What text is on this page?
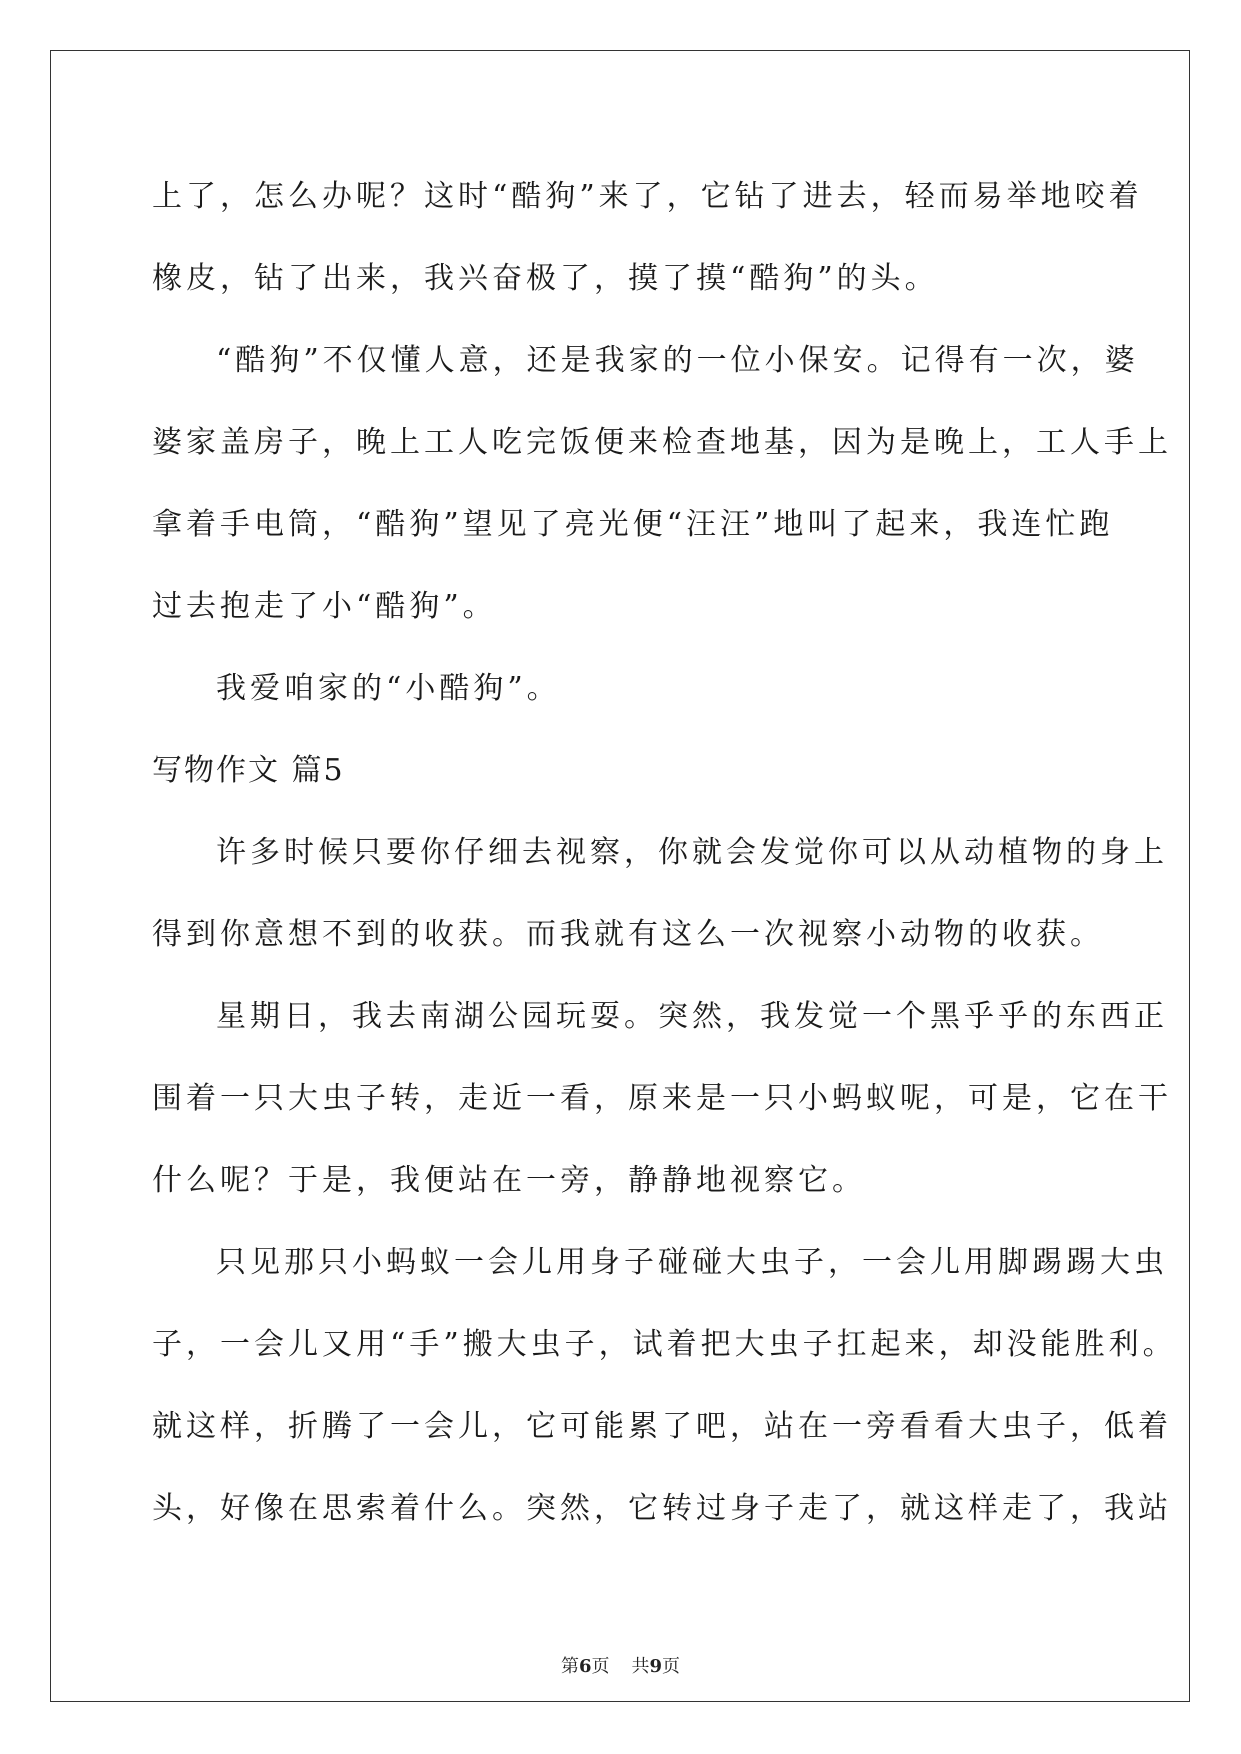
上了，怎么办呢？这时“酷狗”来了，它钻了进去，轻而易举地咬着
橡皮，钻了出来，我兴奋极了，摸了摸“酷狗”的头。
“酷狗”不仅懂人意，还是我家的一位小保安。记得有一次，婆
婆家盖房子，晚上工人吃完饭便来检查地基，因为是晚上，工人手上
拿着手电筒，“酷狗”望见了亮光便“汪汪”地叫了起来，我连忙跑
过去抱走了小“酷狗”。
我爱咱家的“小酷狗”。
写物作文 篇5
许多时候只要你仔细去视察，你就会发觉你可以从动植物的身上
得到你意想不到的收获。而我就有这么一次视察小动物的收获。
星期日，我去南湖公园玩耍。突然，我发觉一个黑乎乎的东西正
围着一只大虫子转，走近一看，原来是一只小蚂蚁呢，可是，它在干
什么呢？于是，我便站在一旁，静静地视察它。
只见那只小蚂蚁一会儿用身子碰碰大虫子，一会儿用脚踢踢大虫
子，一会儿又用“手”搬大虫子，试着把大虫子扛起来，却没能胜利。
就这样，折腾了一会儿，它可能累了吧，站在一旁看看大虫子，低着
头，好像在思索着什么。突然，它转过身子走了，就这样走了，我站
第6页 共9页
